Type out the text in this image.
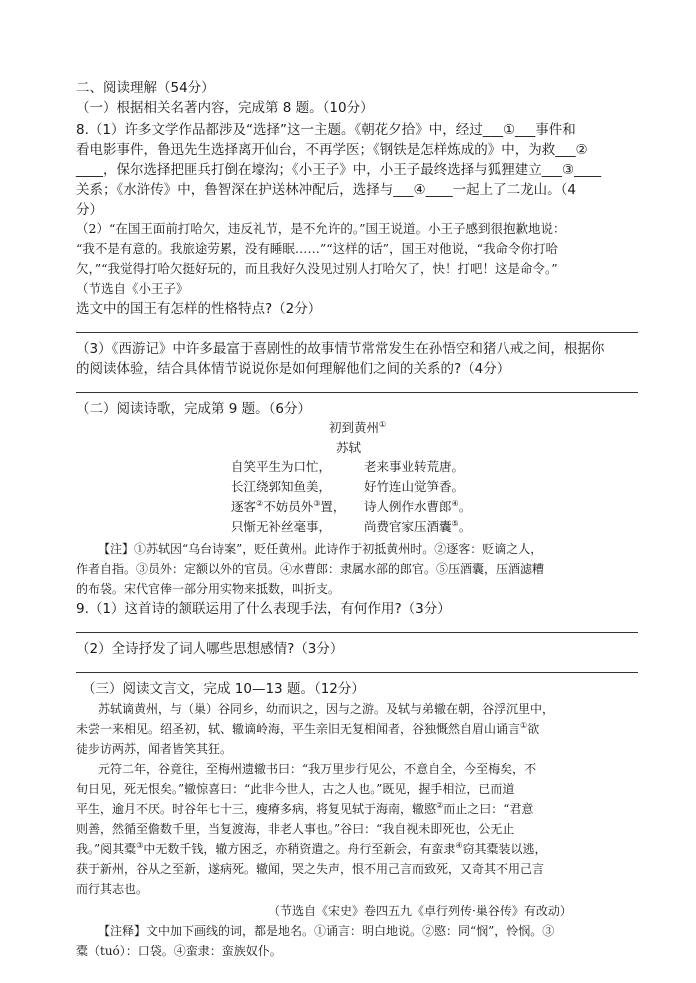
二、阅读理解（54分）
（一）根据相关名著内容，完成第 8 题。（10分）
8.（1）许多文学作品都涉及“选择”这一主题。《朝花夕拾》中，经过___①___事件和
看电影事件，鲁迅先生选择离开仙台，不再学医；《钢铁是怎样炼成的》中，为救___②
____，保尔选择把匪兵打倒在壕沟；《小王子》中，小王子最终选择与狐狸建立___③____
关系；《水浒传》中，鲁智深在护送林冲配后，选择与___④____一起上了二龙山。（4
分）
（2）“在国王面前打哈欠，违反礼节，是不允许的。”国王说道。小王子感到很抱歉地说：
“我不是有意的。我旅途劳累，没有睡眠……”“这样的话”，国王对他说，“我命令你打哈
欠，”“我觉得打哈欠挺好玩的，而且我好久没见过别人打哈欠了，快！打吧！这是命令。”
（节选自《小王子》
选文中的国王有怎样的性格特点?（2分）
（3）《西游记》中许多最富于喜剧性的故事情节常常发生在孙悟空和猪八戒之间，根据你
的阅读体验，结合具体情节说说你是如何理解他们之间的关系的?（4分）
（二）阅读诗歌，完成第 9 题。（6分）
初到黄州①
苏轼
自笑平生为口忙，	老来事业转荒唐。
长江绕郭知鱼美，	好竹连山觉笋香。
逐客②不妨员外③置， 诗人例作水曹郎④。
只惭无补丝毫事，	尚费官家压酒囊⑤。
【注】①苏轼因“乌台诗案”，贬任黄州。此诗作于初抵黄州时。②逐客：贬谪之人，
作者自指。③员外：定额以外的官员。④水曹郎：隶属水部的郎官。⑤压酒囊，压酒滤糟
的布袋。宋代官俸一部分用实物来抵数，叫折支。
9.（1）这首诗的颔联运用了什么表现手法，有何作用?（3分）
（2）全诗抒发了词人哪些思想感情?（3分）
（三）阅读文言文，完成 10—13 题。（12分）
苏轼谪黄州，与（巢）谷同乡，幼而识之，因与之游。及轼与弟辙在朝，谷浮沉里中，
未尝一来相见。绍圣初，轼、辙谪岭海，平生亲旧无复相闻者，谷独慨然自眉山诵言①欲
徒步访两苏，闻者皆笑其狂。
元符二年，谷竟往，至梅州遗辙书曰：“我万里步行见公，不意自全，今至梅矣，不
旬日见，死无恨矣。”辙惊喜曰：“此非今世人，古之人也。”既见，握手相泣，已而道
平生，逾月不厌。时谷年七十三，瘦瘠多病，将复见轼于海南，辙愍②而止之曰：“君意
则善，然循至儋数千里，当复渡海，非老人事也。”谷曰：“我自视未即死也，公无止
我。”阅其橐③中无数千钱，辙方困乏，亦稍资遣之。舟行至新会，有蛮隶④窃其橐装以逃，
获于新州，谷从之至新，遂病死。辙闻，哭之失声，恨不用己言而致死，又奇其不用己言
而行其志也。
（节选自《宋史》卷四五九《卓行列传·巢谷传》有改动）
【注释】文中加下画线的词，都是地名。①诵言：明白地说。②愍：同“悯”，怜悯。③
橐（tuó）：口袋。④蛮隶：蛮族奴仆。
